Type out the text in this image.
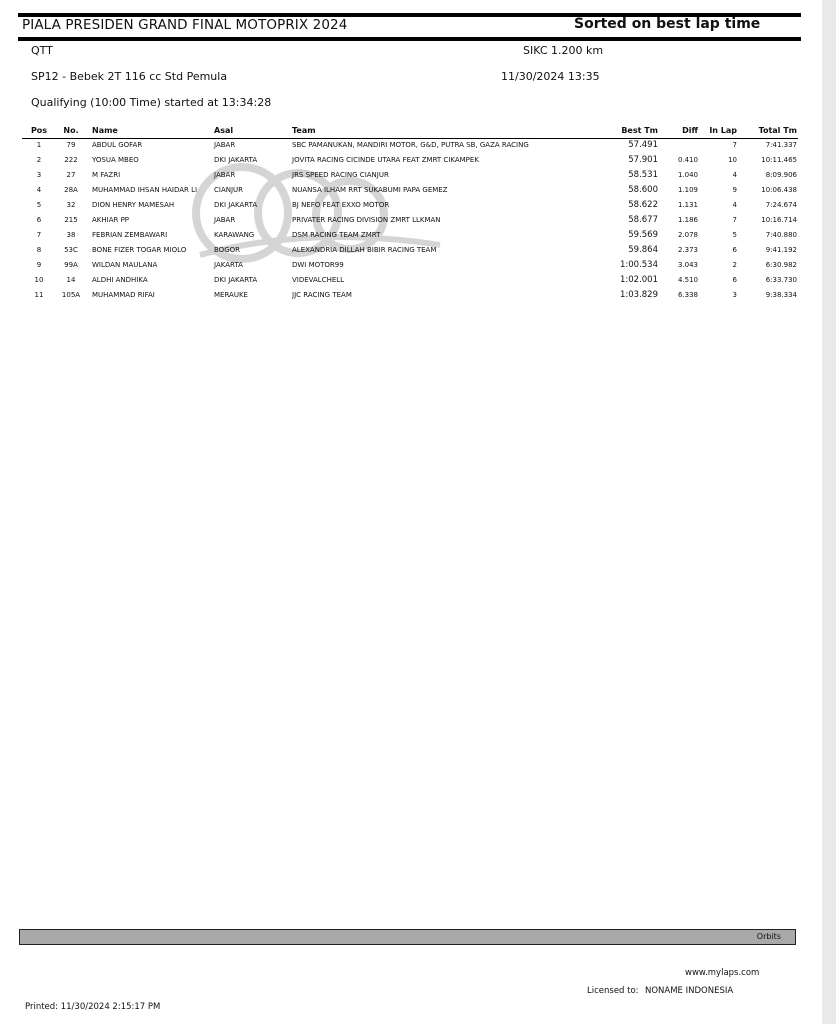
PIALA PRESIDEN GRAND FINAL MOTOPRIX 2024	Sorted on best lap time
QTT	SIKC 1.200 km
SP12 - Bebek 2T 116 cc Std Pemula	11/30/2024 13:35
Qualifying (10:00 Time) started at 13:34:28
Pos	No.	Name	Asal	Team	Best Tm	Diff	In Lap	Total Tm
1	79	ABDUL GOFAR	JABAR	SBC PAMANUKAN, MANDIRI MOTOR, G&D, PUTRA SB, GAZA RACING	57.491		7	7:41.337
2	222	YOSUA MBEO	DKI JAKARTA	JOVITA RACING CICINDE UTARA FEAT ZMRT CIKAMPEK	57.901	0.410	10	10:11.465
3	27	M FAZRI	JABAR	JRS SPEED RACING CIANJUR	58.531	1.040	4	8:09.906
4	28A	MUHAMMAD IHSAN HAIDAR LI	CIANJUR	NUANSA ILHAM RRT SUKABUMI PAPA GEMEZ	58.600	1.109	9	10:06.438
5	32	DION HENRY MAMESAH	DKI JAKARTA	BJ NEFO FEAT EXXO MOTOR	58.622	1.131	4	7:24.674
6	215	AKHIAR PP	JABAR	PRIVATER RACING DIVISION ZMRT LLKMAN	58.677	1.186	7	10:16.714
7	38	FEBRIAN ZEMBAWARI	KARAWANG	DSM RACING TEAM ZMRT	59.569	2.078	5	7:40.880
8	53C	BONE FIZER TOGAR MIOLO	BOGOR	ALEXANDRIA DILLAH BIBIR RACING TEAM	59.864	2.373	6	9:41.192
9	99A	WILDAN MAULANA	JAKARTA	DWI MOTOR99	1:00.534	3.043	2	6:30.982
10	14	ALDHI ANDHIKA	DKI JAKARTA	VIDEVALCHELL	1:02.001	4.510	6	6:33.730
11	105A	MUHAMMAD RIFAI	MERAUKE	JJC RACING TEAM	1:03.829	6.338	3	9:38.334
Orbits
www.mylaps.com
Licensed to: NONAME INDONESIA
Printed: 11/30/2024 2:15:17 PM
